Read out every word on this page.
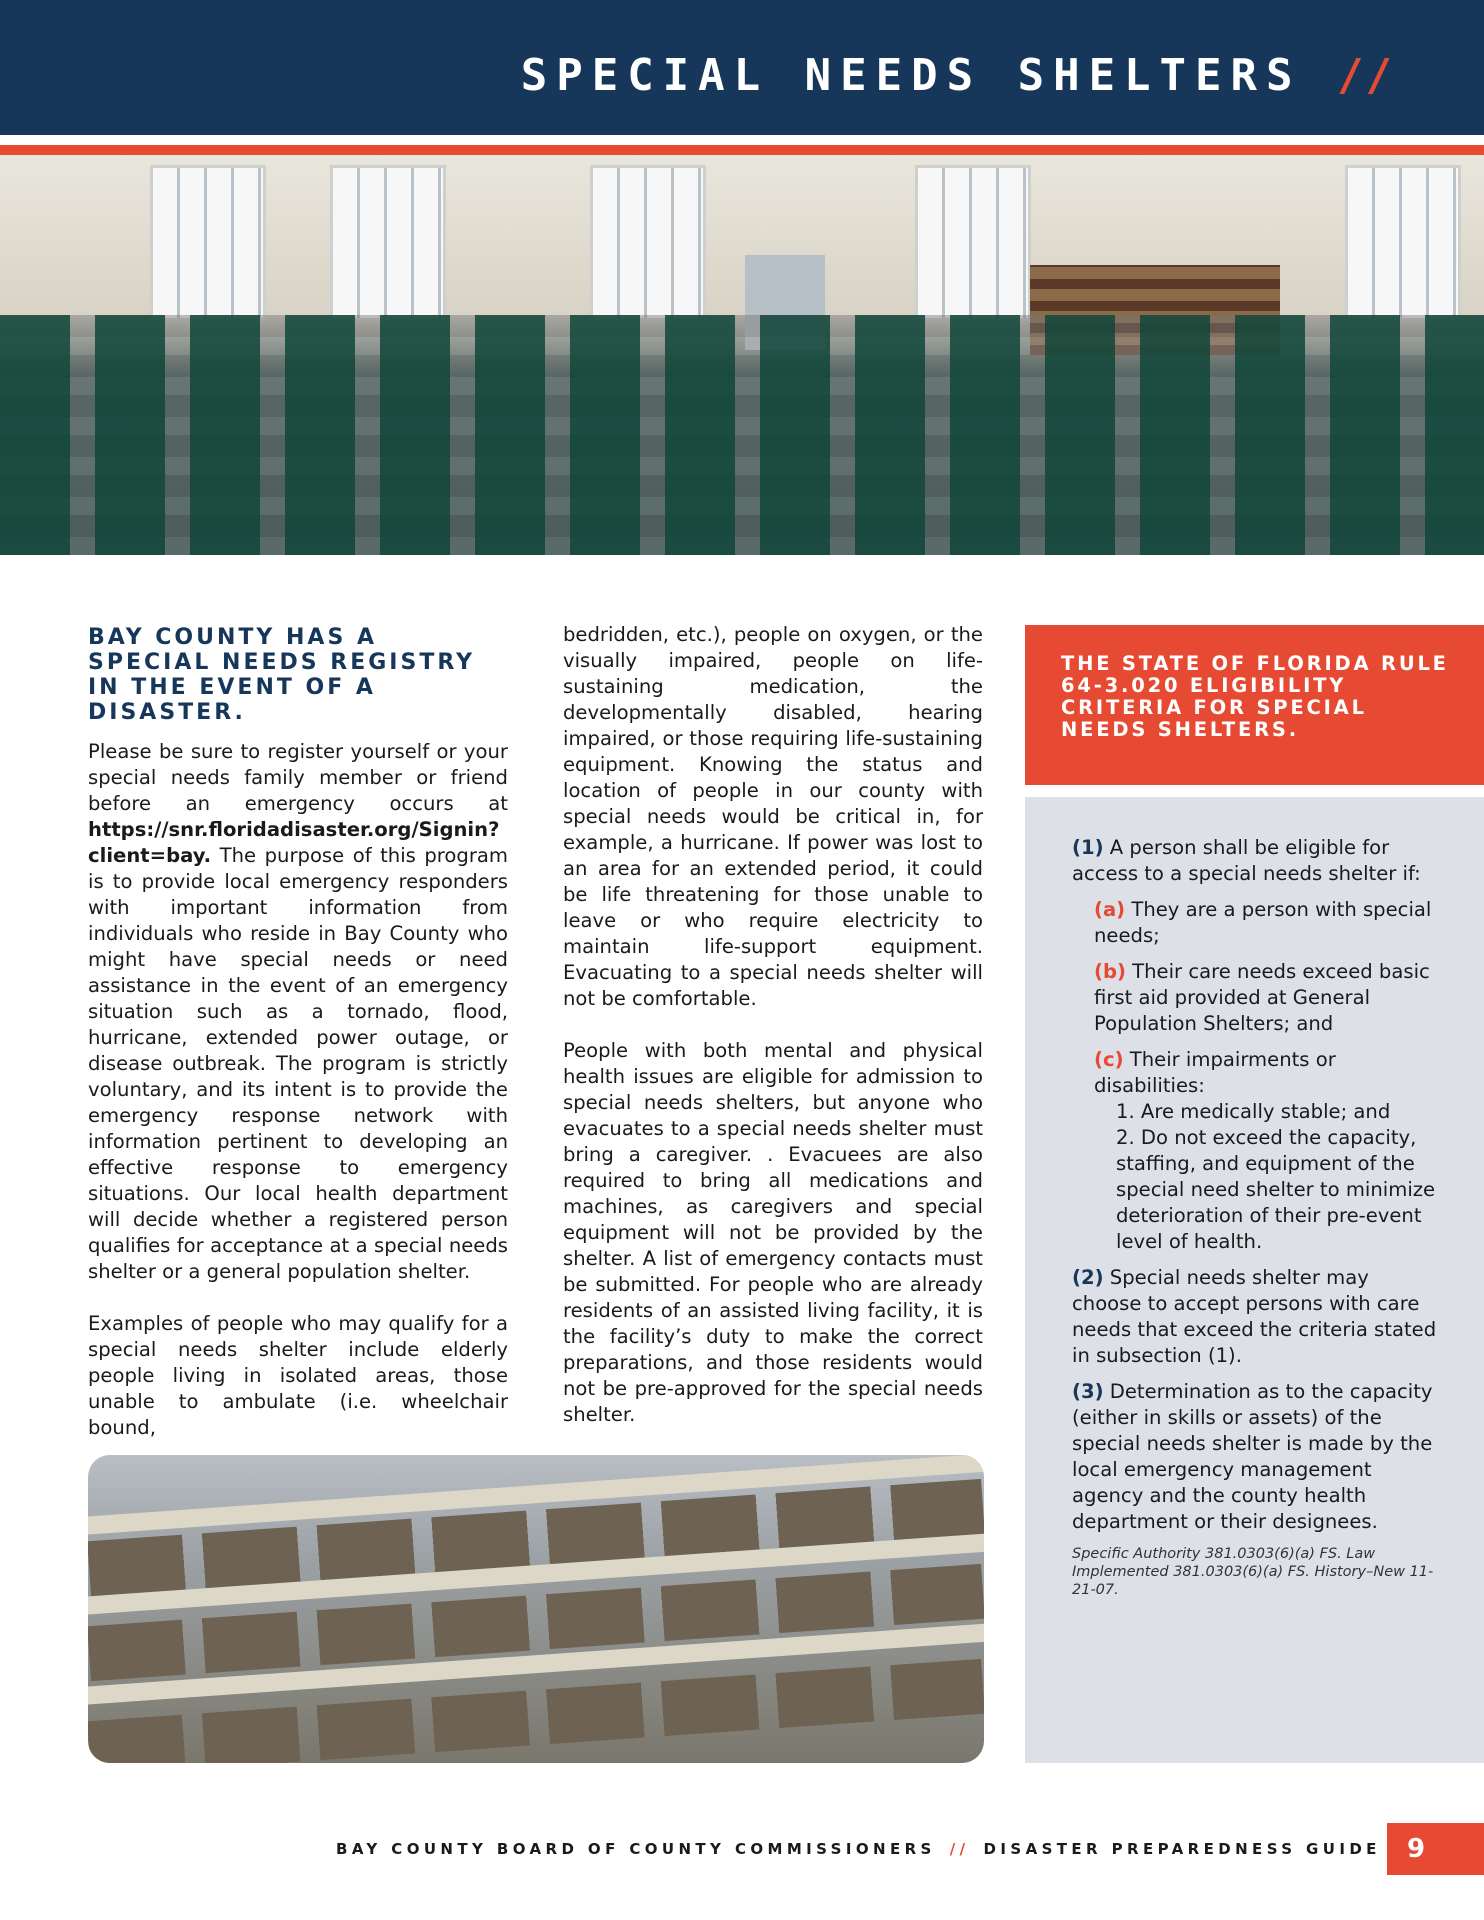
SPECIAL NEEDS SHELTERS //
BAY COUNTY HAS A SPECIAL NEEDS REGISTRY IN THE EVENT OF A DISASTER.

Please be sure to register yourself or your special needs family member or friend before an emergency occurs at https://snr.floridadisaster.org/Signin?client=bay. The purpose of this program is to provide local emergency responders with important information from individuals who reside in Bay County who might have special needs or need assistance in the event of an emergency situation such as a tornado, flood, hurricane, extended power outage, or disease outbreak. The program is strictly voluntary, and its intent is to provide the emergency response network with information pertinent to developing an effective response to emergency situations. Our local health department will decide whether a registered person qualifies for acceptance at a special needs shelter or a general population shelter.

Examples of people who may qualify for a special needs shelter include elderly people living in isolated areas, those unable to ambulate (i.e. wheelchair bound,

bedridden, etc.), people on oxygen, or the visually impaired, people on life-sustaining medication, the developmentally disabled, hearing impaired, or those requiring life-sustaining equipment. Knowing the status and location of people in our county with special needs would be critical in, for example, a hurricane. If power was lost to an area for an extended period, it could be life threatening for those unable to leave or who require electricity to maintain life-support equipment. Evacuating to a special needs shelter will not be comfortable.

People with both mental and physical health issues are eligible for admission to special needs shelters, but anyone who evacuates to a special needs shelter must bring a caregiver. . Evacuees are also required to bring all medications and machines, as caregivers and special equipment will not be provided by the shelter. A list of emergency contacts must be submitted. For people who are already residents of an assisted living facility, it is the facility’s duty to make the correct preparations, and those residents would not be pre-approved for the special needs shelter.

THE STATE OF FLORIDA RULE 64-3.020 ELIGIBILITY CRITERIA FOR SPECIAL NEEDS SHELTERS.
(1) A person shall be eligible for access to a special needs shelter if:
(a) They are a person with special needs;
(b) Their care needs exceed basic first aid provided at General Population Shelters; and
(c) Their impairments or disabilities:
1. Are medically stable; and
2. Do not exceed the capacity, staffing, and equipment of the special need shelter to minimize deterioration of their pre-event level of health.
(2) Special needs shelter may choose to accept persons with care needs that exceed the criteria stated in subsection (1).
(3) Determination as to the capacity (either in skills or assets) of the special needs shelter is made by the local emergency management agency and the county health department or their designees.
Specific Authority 381.0303(6)(a) FS. Law Implemented 381.0303(6)(a) FS. History–New 11-21-07.
BAY COUNTY BOARD OF COUNTY COMMISSIONERS // DISASTER PREPAREDNESS GUIDE	9
